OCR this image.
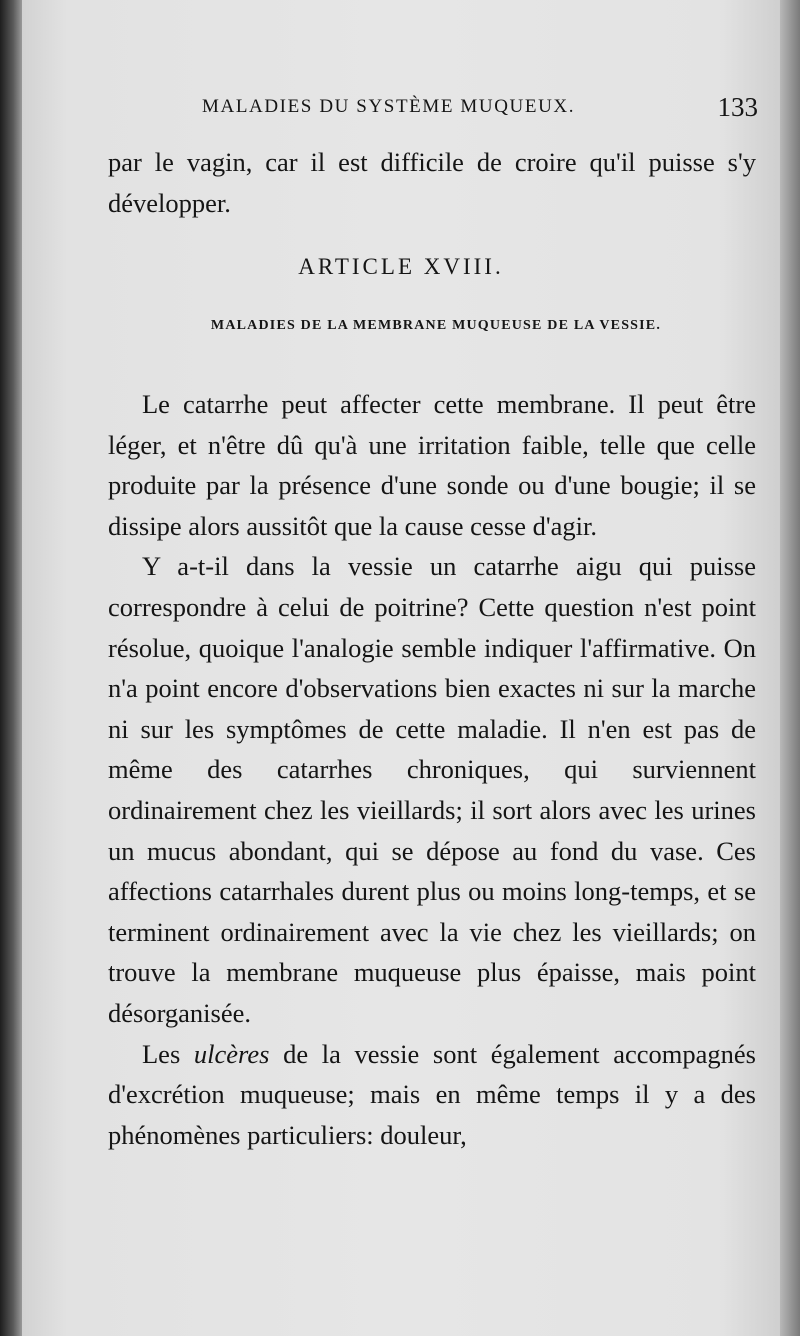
MALADIES DU SYSTÈME MUQUEUX.	133

par le vagin, car il est difficile de croire qu'il puisse s'y développer.

ARTICLE XVIII.
MALADIES DE LA MEMBRANE MUQUEUSE DE LA VESSIE.

Le catarrhe peut affecter cette membrane. Il peut être léger, et n'être dû qu'à une irritation faible, telle que celle produite par la présence d'une sonde ou d'une bougie; il se dissipe alors aussitôt que la cause cesse d'agir.

Y a-t-il dans la vessie un catarrhe aigu qui puisse correspondre à celui de poitrine? Cette question n'est point résolue, quoique l'analogie semble indiquer l'affirmative. On n'a point encore d'observations bien exactes ni sur la marche ni sur les symptômes de cette maladie. Il n'en est pas de même des catarrhes chroniques, qui surviennent ordinairement chez les vieillards; il sort alors avec les urines un mucus abondant, qui se dépose au fond du vase. Ces affections catarrhales durent plus ou moins long-temps, et se terminent ordinairement avec la vie chez les vieillards; on trouve la membrane muqueuse plus épaisse, mais point désorganisée.

Les ulcères de la vessie sont également accompagnés d'excrétion muqueuse; mais en même temps il y a des phénomènes particuliers: douleur,
